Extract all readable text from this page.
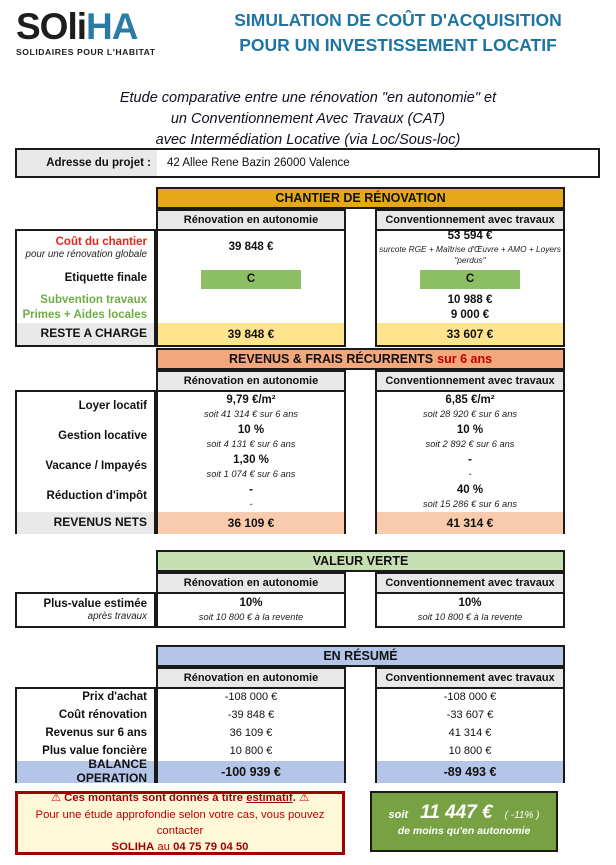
SOliHA
SOLIDAIRES POUR L'HABITAT
SIMULATION DE COÛT D'ACQUISITION
POUR UN INVESTISSEMENT LOCATIF
Etude comparative entre une rénovation "en autonomie" et
un Conventionnement Avec Travaux (CAT)
avec Intermédiation Locative (via Loc/Sous-loc)
Adresse du projet :	42 Allee Rene Bazin 26000 Valence
CHANTIER DE RÉNOVATION
Coût du chantier
pour une rénovation globale
Etiquette finale
Subvention travaux
Primes + Aides locales
RESTE A CHARGE
Rénovation en autonomie
39 848 €
C
39 848 €
Conventionnement avec travaux
53 594 €
surcote RGE + Maîtrise d'Œuvre + AMO + Loyers "perdus"
C
10 988 €
9 000 €
33 607 €
REVENUS & FRAIS RÉCURRENTS sur 6 ans
Loyer locatif
Gestion locative
Vacance / Impayés
Réduction d'impôt
REVENUS NETS
Rénovation en autonomie
9,79 €/m²
soit 41 314 € sur 6 ans
10 %
soit 4 131 € sur 6 ans
1,30 %
soit 1 074 € sur 6 ans
-
-
36 109 €
Conventionnement avec travaux
6,85 €/m²
soit 28 920 € sur 6 ans
10 %
soit 2 892 € sur 6 ans
-
-
40 %
soit 15 286 € sur 6 ans
41 314 €
VALEUR VERTE
Plus-value estimée
après travaux
Rénovation en autonomie
10%
soit 10 800 € à la revente
Conventionnement avec travaux
10%
soit 10 800 € à la revente
EN RÉSUMÉ
Prix d'achat
Coût rénovation
Revenus sur 6 ans
Plus value foncière
BALANCE OPERATION
Rénovation en autonomie
-108 000 €
-39 848 €
36 109 €
10 800 €
-100 939 €
Conventionnement avec travaux
-108 000 €
-33 607 €
41 314 €
10 800 €
-89 493 €
⚠ Ces montants sont donnés à titre estimatif. ⚠
Pour une étude approfondie selon votre cas, vous pouvez contacter
SOLIHA au 04 75 79 04 50
soit 11 447 € ( -11% )
de moins qu'en autonomie
